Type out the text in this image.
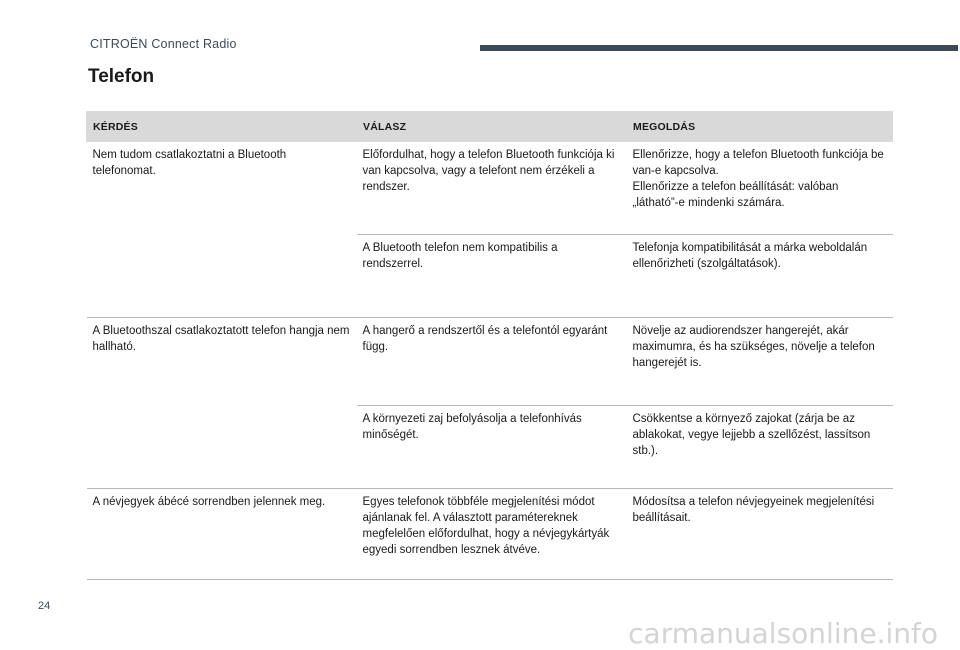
CITROËN Connect Radio
Telefon
KÉRDÉS	VÁLASZ	MEGOLDÁS
Nem tudom csatlakoztatni a Bluetooth telefonomat.	Előfordulhat, hogy a telefon Bluetooth funkciója ki van kapcsolva, vagy a telefont nem érzékeli a rendszer.	Ellenőrizze, hogy a telefon Bluetooth funkciója be van-e kapcsolva.
Ellenőrizze a telefon beállítását: valóban „látható”-e mindenki számára.
	A Bluetooth telefon nem kompatibilis a rendszerrel.	Telefonja kompatibilitását a márka weboldalán ellenőrizheti (szolgáltatások).
A Bluetoothszal csatlakoztatott telefon hangja nem hallható.	A hangerő a rendszertől és a telefontól egyaránt függ.	Növelje az audiorendszer hangerejét, akár maximumra, és ha szükséges, növelje a telefon hangerejét is.
	A környezeti zaj befolyásolja a telefonhívás minőségét.	Csökkentse a környező zajokat (zárja be az ablakokat, vegye lejjebb a szellőzést, lassítson stb.).
A névjegyek ábécé sorrendben jelennek meg.	Egyes telefonok többféle megjelenítési módot ajánlanak fel. A választott paramétereknek megfelelően előfordulhat, hogy a névjegykártyák egyedi sorrendben lesznek átvéve.	Módosítsa a telefon névjegyeinek megjelenítési beállításait.
24
carmanualsonline.info
